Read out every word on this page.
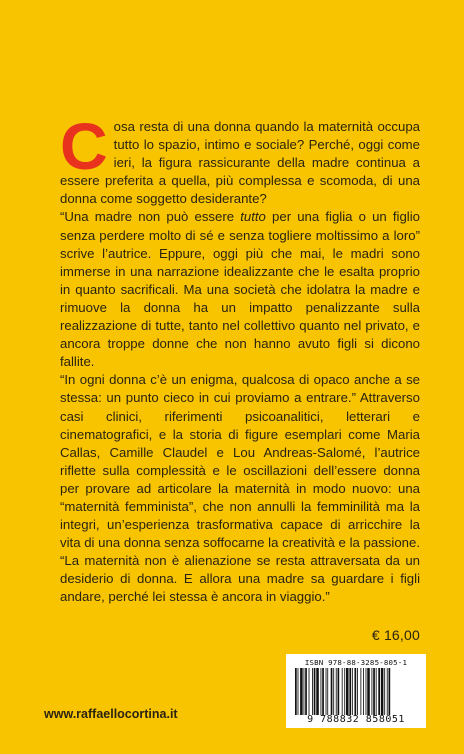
Cosa resta di una donna quando la maternità occupa tutto lo spazio, intimo e sociale? Perché, oggi come ieri, la figura rassicurante della madre continua a essere preferita a quella, più complessa e scomoda, di una donna come soggetto desiderante?

“Una madre non può essere tutto per una figlia o un figlio senza perdere molto di sé e senza togliere moltissimo a loro” scrive l’autrice. Eppure, oggi più che mai, le madri sono immerse in una narrazione idealizzante che le esalta proprio in quanto sacrificali. Ma una società che idolatra la madre e rimuove la donna ha un impatto penalizzante sulla realizzazione di tutte, tanto nel collettivo quanto nel privato, e ancora troppe donne che non hanno avuto figli si dicono fallite.

“In ogni donna c’è un enigma, qualcosa di opaco anche a se stessa: un punto cieco in cui proviamo a entrare.” Attraverso casi clinici, riferimenti psicoanalitici, letterari e cinematografici, e la storia di figure esemplari come Maria Callas, Camille Claudel e Lou Andreas-Salomé, l’autrice riflette sulla complessità e le oscillazioni dell’essere donna per provare ad articolare la maternità in modo nuovo: una “maternità femminista”, che non annulli la femminilità ma la integri, un’esperienza trasformativa capace di arricchire la vita di una donna senza soffocarne la creatività e la passione. “La maternità non è alienazione se resta attraversata da un desiderio di donna. E allora una madre sa guardare i figli andare, perché lei stessa è ancora in viaggio.”

€ 16,00
ISBN 978-88-3285-805-1
9 788832 858051
www.raffaellocortina.it
